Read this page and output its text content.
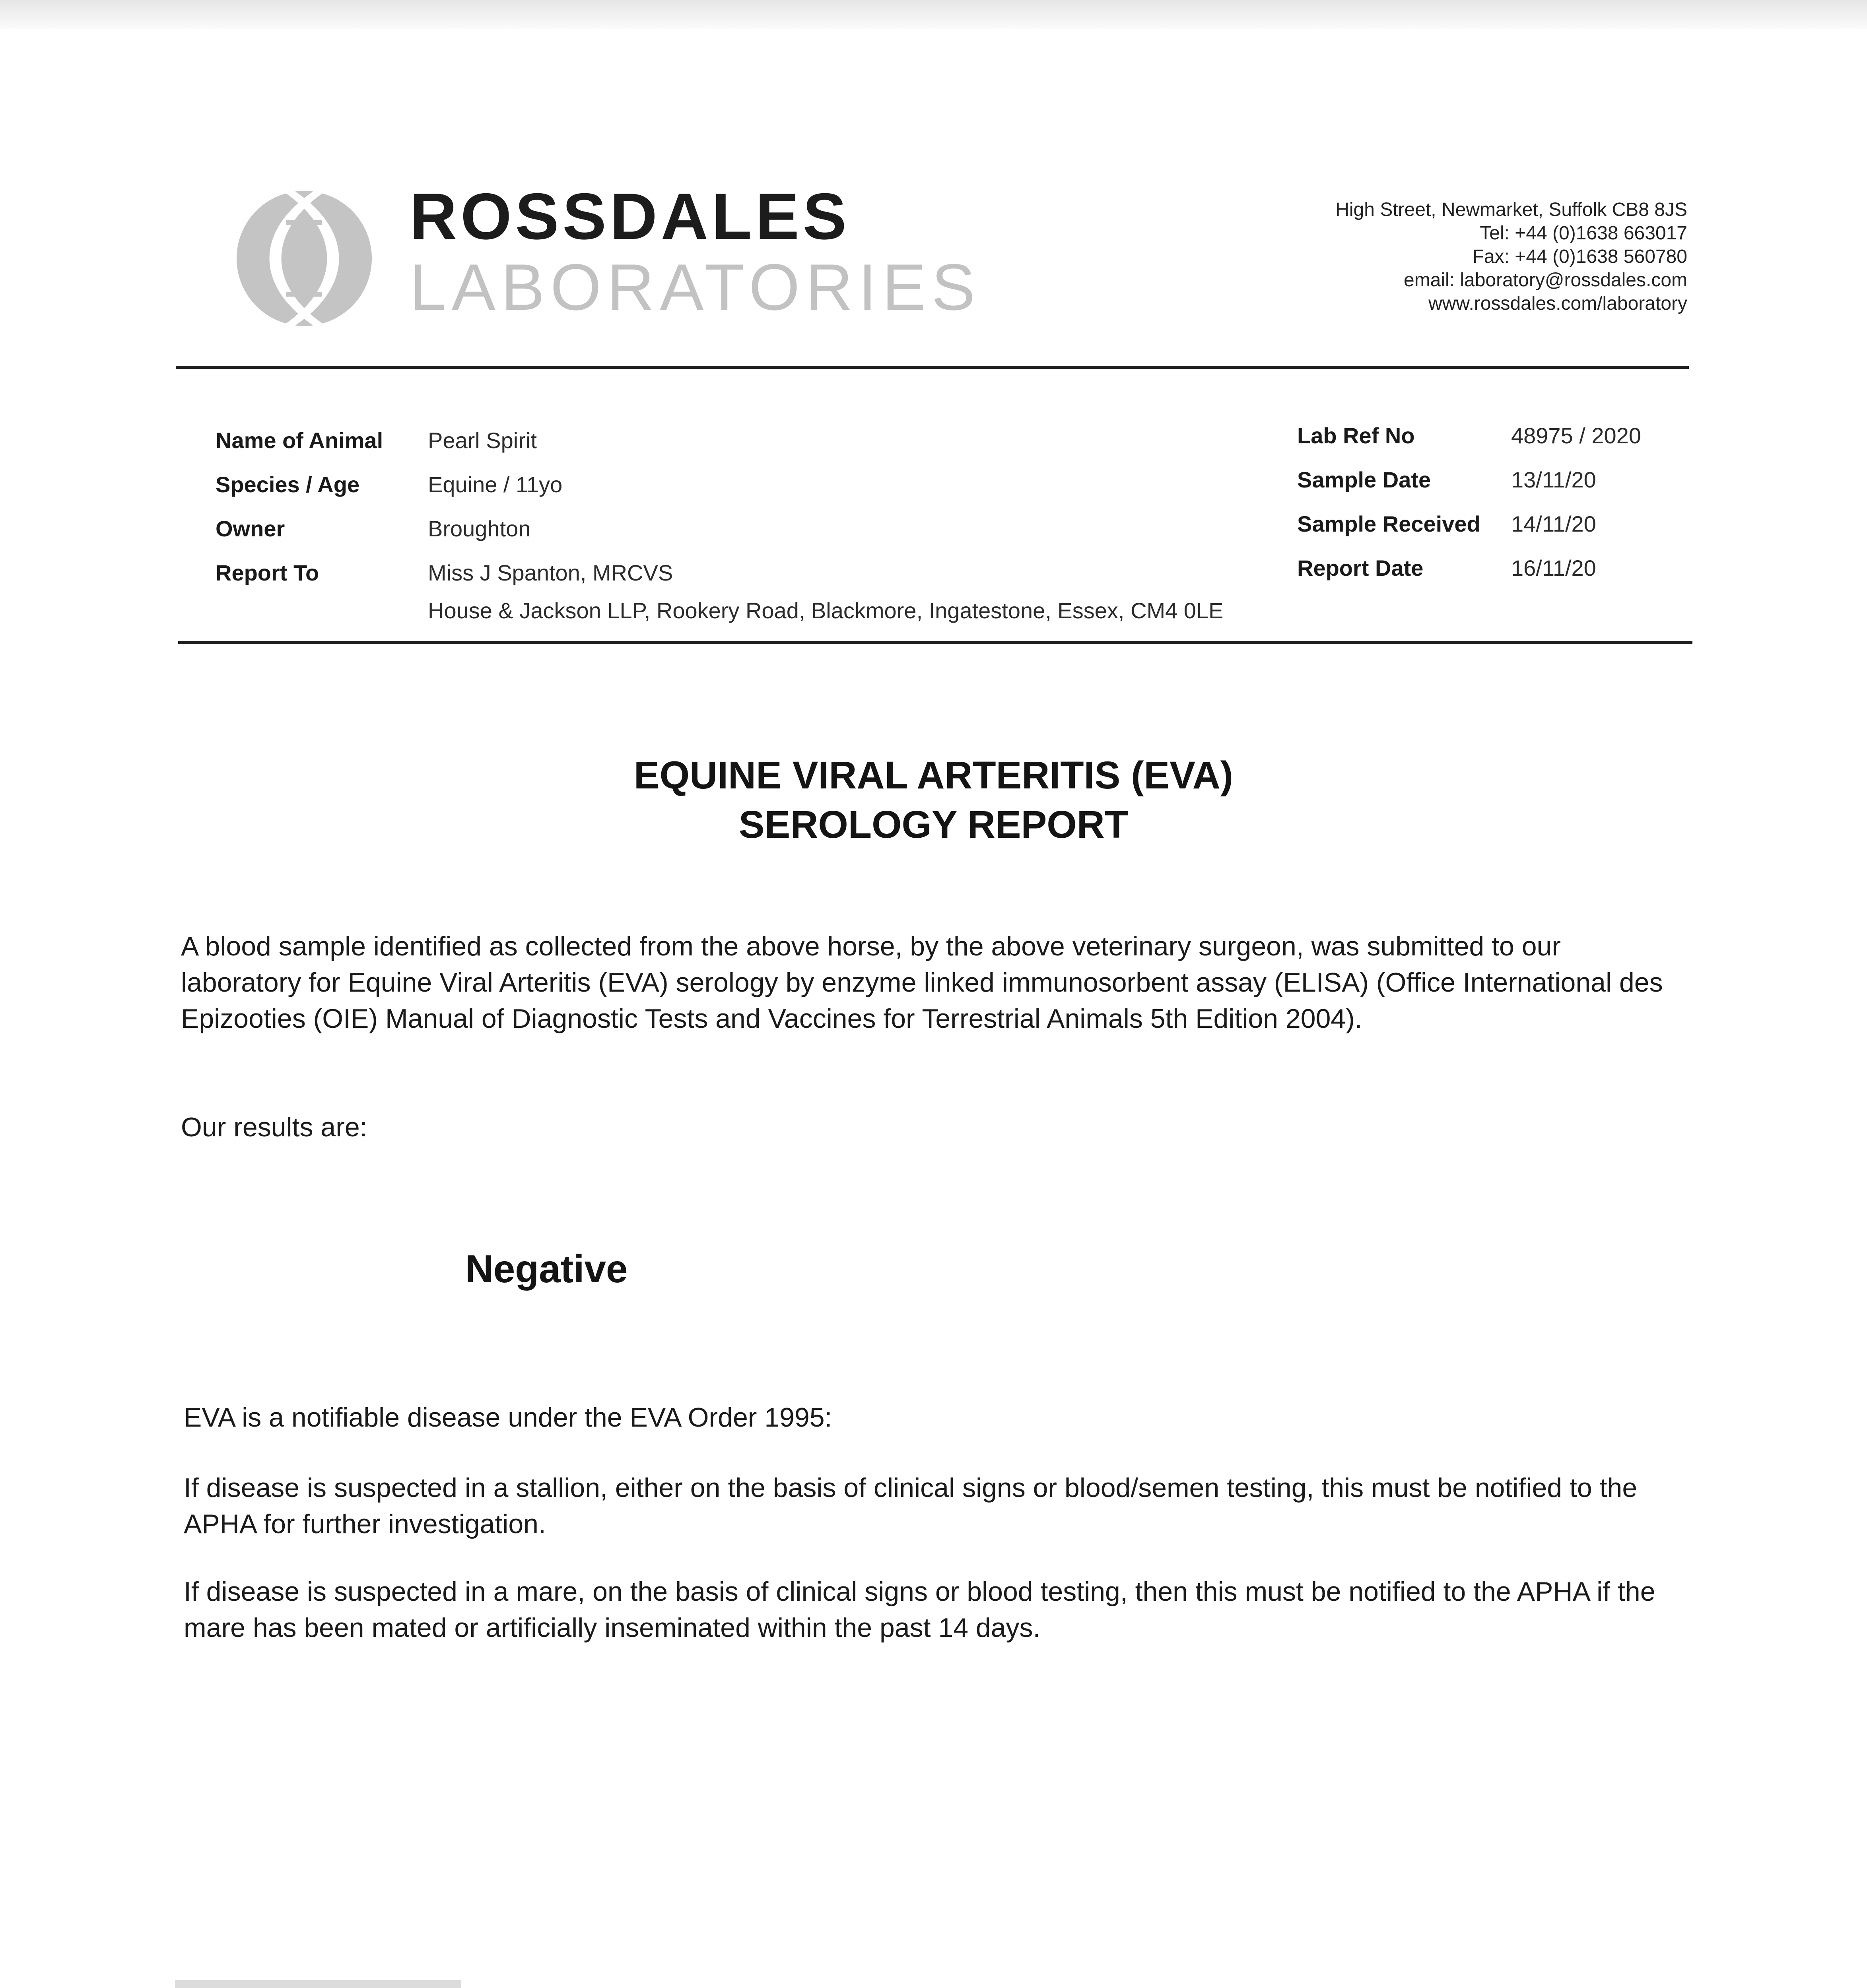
ROSSDALES
LABORATORIES
High Street, Newmarket, Suffolk CB8 8JS
Tel: +44 (0)1638 663017
Fax: +44 (0)1638 560780
email: laboratory@rossdales.com
www.rossdales.com/laboratory
Name of Animal Pearl Spirit
Species / Age	Equine / 11yo
Owner	Broughton
Report To	Miss J Spanton, MRCVS
House & Jackson LLP, Rookery Road, Blackmore, Ingatestone, Essex, CM4 0LE
Lab Ref No	48975 / 2020
Sample Date	13/11/20
Sample Received 14/11/20
Report Date	16/11/20
EQUINE VIRAL ARTERITIS (EVA)
SEROLOGY REPORT
A blood sample identified as collected from the above horse, by the above veterinary surgeon, was submitted to our laboratory for Equine Viral Arteritis (EVA) serology by enzyme linked immunosorbent assay (ELISA) (Office International des Epizooties (OIE) Manual of Diagnostic Tests and Vaccines for Terrestrial Animals 5th Edition 2004).
Our results are:
Negative
EVA is a notifiable disease under the EVA Order 1995:
If disease is suspected in a stallion, either on the basis of clinical signs or blood/semen testing, this must be notified to the APHA for further investigation.
If disease is suspected in a mare, on the basis of clinical signs or blood testing, then this must be notified to the APHA if the mare has been mated or artificially inseminated within the past 14 days.
